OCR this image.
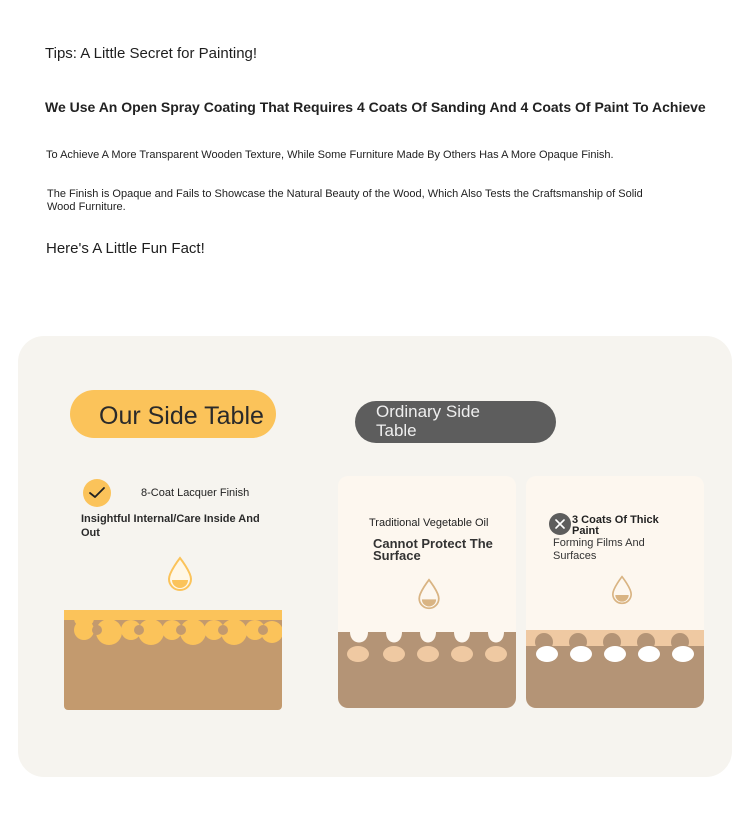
Tips: A Little Secret for Painting!
We Use An Open Spray Coating That Requires 4 Coats Of Sanding And 4 Coats Of Paint To Achieve
To Achieve A More Transparent Wooden Texture, While Some Furniture Made By Others Has A More Opaque Finish.
The Finish is Opaque and Fails to Showcase the Natural Beauty of the Wood, Which Also Tests the Craftsmanship of Solid Wood Furniture.
Here's A Little Fun Fact!
Our Side Table	Ordinary Side Table
8-Coat Lacquer Finish
Insightful Internal/Care Inside And Out
Traditional Vegetable Oil
Cannot Protect The Surface
3 Coats Of Thick Paint
Forming Films And Surfaces
